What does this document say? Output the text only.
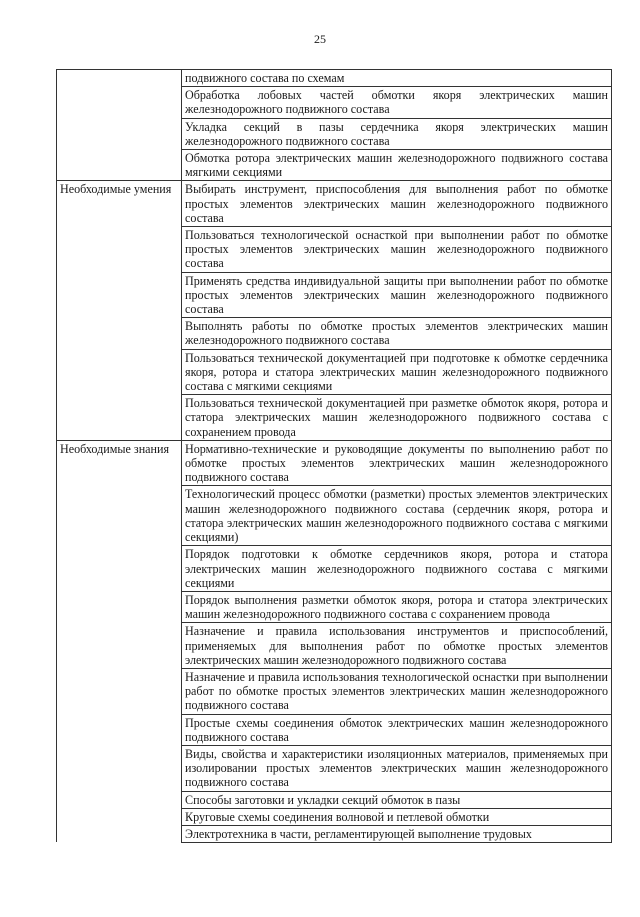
25
	подвижного состава по схемам
	Обработка лобовых частей обмотки якоря электрических машин железнодорожного подвижного состава
	Укладка секций в пазы сердечника якоря электрических машин железнодорожного подвижного состава
	Обмотка ротора электрических машин железнодорожного подвижного состава мягкими секциями
Необходимые умения	Выбирать инструмент, приспособления для выполнения работ по обмотке простых элементов электрических машин железнодорожного подвижного состава
	Пользоваться технологической оснасткой при выполнении работ по обмотке простых элементов электрических машин железнодорожного подвижного состава
	Применять средства индивидуальной защиты при выполнении работ по обмотке простых элементов электрических машин железнодорожного подвижного состава
	Выполнять работы по обмотке простых элементов электрических машин железнодорожного подвижного состава
	Пользоваться технической документацией при подготовке к обмотке сердечника якоря, ротора и статора электрических машин железнодорожного подвижного состава с мягкими секциями
	Пользоваться технической документацией при разметке обмоток якоря, ротора и статора электрических машин железнодорожного подвижного состава с сохранением провода
Необходимые знания	Нормативно-технические и руководящие документы по выполнению работ по обмотке простых элементов электрических машин железнодорожного подвижного состава
	Технологический процесс обмотки (разметки) простых элементов электрических машин железнодорожного подвижного состава (сердечник якоря, ротора и статора электрических машин железнодорожного подвижного состава с мягкими секциями)
	Порядок подготовки к обмотке сердечников якоря, ротора и статора электрических машин железнодорожного подвижного состава с мягкими секциями
	Порядок выполнения разметки обмоток якоря, ротора и статора электрических машин железнодорожного подвижного состава с сохранением провода
	Назначение и правила использования инструментов и приспособлений, применяемых для выполнения работ по обмотке простых элементов электрических машин железнодорожного подвижного состава
	Назначение и правила использования технологической оснастки при выполнении работ по обмотке простых элементов электрических машин железнодорожного подвижного состава
	Простые схемы соединения обмоток электрических машин железнодорожного подвижного состава
	Виды, свойства и характеристики изоляционных материалов, применяемых при изолировании простых элементов электрических машин железнодорожного подвижного состава
	Способы заготовки и укладки секций обмоток в пазы
	Круговые схемы соединения волновой и петлевой обмотки

	Электротехника в части, регламентирующей выполнение трудовых
